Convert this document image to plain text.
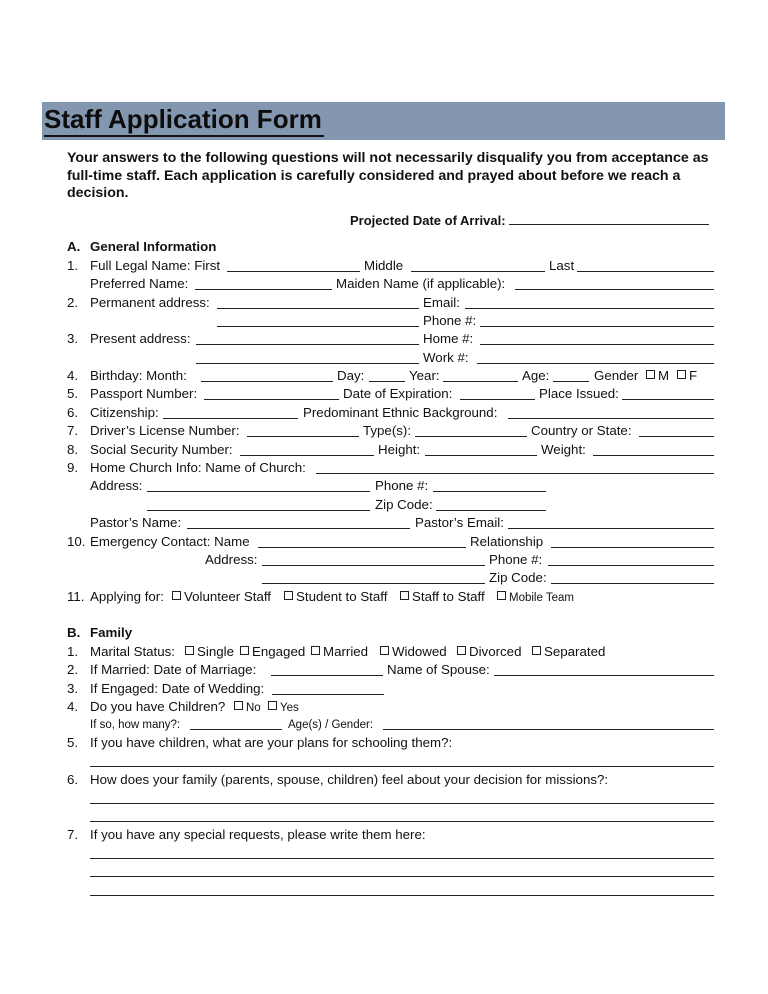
Staff Application Form
Your answers to the following questions will not necessarily disqualify you from acceptance as full-time staff. Each application is carefully considered and prayed about before we reach a decision.
Projected Date of Arrival:
A. General Information
1. Full Legal Name: First	Middle	Last
Preferred Name:	Maiden Name (if applicable):
2. Permanent address:	Email:
Phone #:
3. Present address:	Home #:
Work #:
4. Birthday: Month:	Day:	Year:	Age:	Gender	M	F
5. Passport Number:	Date of Expiration:	Place Issued:
6. Citizenship:	Predominant Ethnic Background:
7. Driver’s License Number:	Type(s):	Country or State:
8. Social Security Number:	Height:	Weight:
9. Home Church Info: Name of Church:
Address:	Phone #:
Zip Code:
Pastor’s Name:	Pastor’s Email:
10. Emergency Contact: Name	Relationship
Address:	Phone #:
Zip Code:
11. Applying for:	Volunteer Staff	Student to Staff	Staff to Staff	Mobile Team
B. Family
1. Marital Status:	Single	Engaged	Married	Widowed	Divorced	Separated
2. If Married: Date of Marriage:	Name of Spouse:
3. If Engaged: Date of Wedding:
4. Do you have Children?	No	Yes
If so, how many?:	Age(s) / Gender:
5. If you have children, what are your plans for schooling them?:
6. How does your family (parents, spouse, children) feel about your decision for missions?:
7. If you have any special requests, please write them here:
